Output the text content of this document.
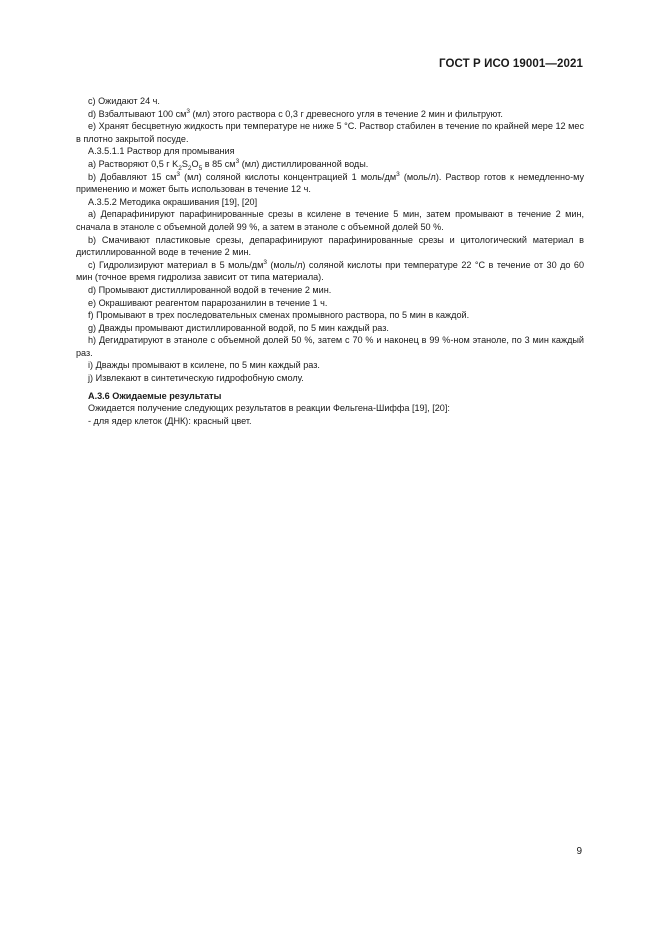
ГОСТ Р ИСО 19001—2021

c) Ожидают 24 ч.

d) Взбалтывают 100 $см^3$ (мл) этого раствора с 0,3 г древесного угля в течение 2 мин и фильтруют.

e) Хранят бесцветную жидкость при температуре не ниже 5 °C. Раствор стабилен в течение по крайней мере 12 мес в плотно закрытой посуде.

А.3.5.1.1 Раствор для промывания

a) Растворяют 0,5 г $K_2S_2O_5$ в 85 $см^3$ (мл) дистиллированной воды.

b) Добавляют 15 $см^3$ (мл) соляной кислоты концентрацией 1 моль/$дм^3$ (моль/л). Раствор готов к немедленно-му применению и может быть использован в течение 12 ч.

А.3.5.2 Методика окрашивания [19], [20]

a) Депарафинируют парафинированные срезы в ксилене в течение 5 мин, затем промывают в течение 2 мин, сначала в этаноле с объемной долей 99 %, а затем в этаноле с объемной долей 50 %.

b) Смачивают пластиковые срезы, депарафинируют парафинированные срезы и цитологический материал в дистиллированной воде в течение 2 мин.

c) Гидролизируют материал в 5 моль/$дм^3$ (моль/л) соляной кислоты при температуре 22 °C в течение от 30 до 60 мин (точное время гидролиза зависит от типа материала).

d) Промывают дистиллированной водой в течение 2 мин.

e) Окрашивают реагентом парарозанилин в течение 1 ч.

f) Промывают в трех последовательных сменах промывного раствора, по 5 мин в каждой.

g) Дважды промывают дистиллированной водой, по 5 мин каждый раз.

h) Дегидратируют в этаноле с объемной долей 50 %, затем с 70 % и наконец в 99 %-ном этаноле, по 3 мин каждый раз.

i) Дважды промывают в ксилене, по 5 мин каждый раз.

j) Извлекают в синтетическую гидрофобную смолу.

А.3.6 Ожидаемые результаты

Ожидается получение следующих результатов в реакции Фельгена-Шиффа [19], [20]:

- для ядер клеток (ДНК): красный цвет.

9
